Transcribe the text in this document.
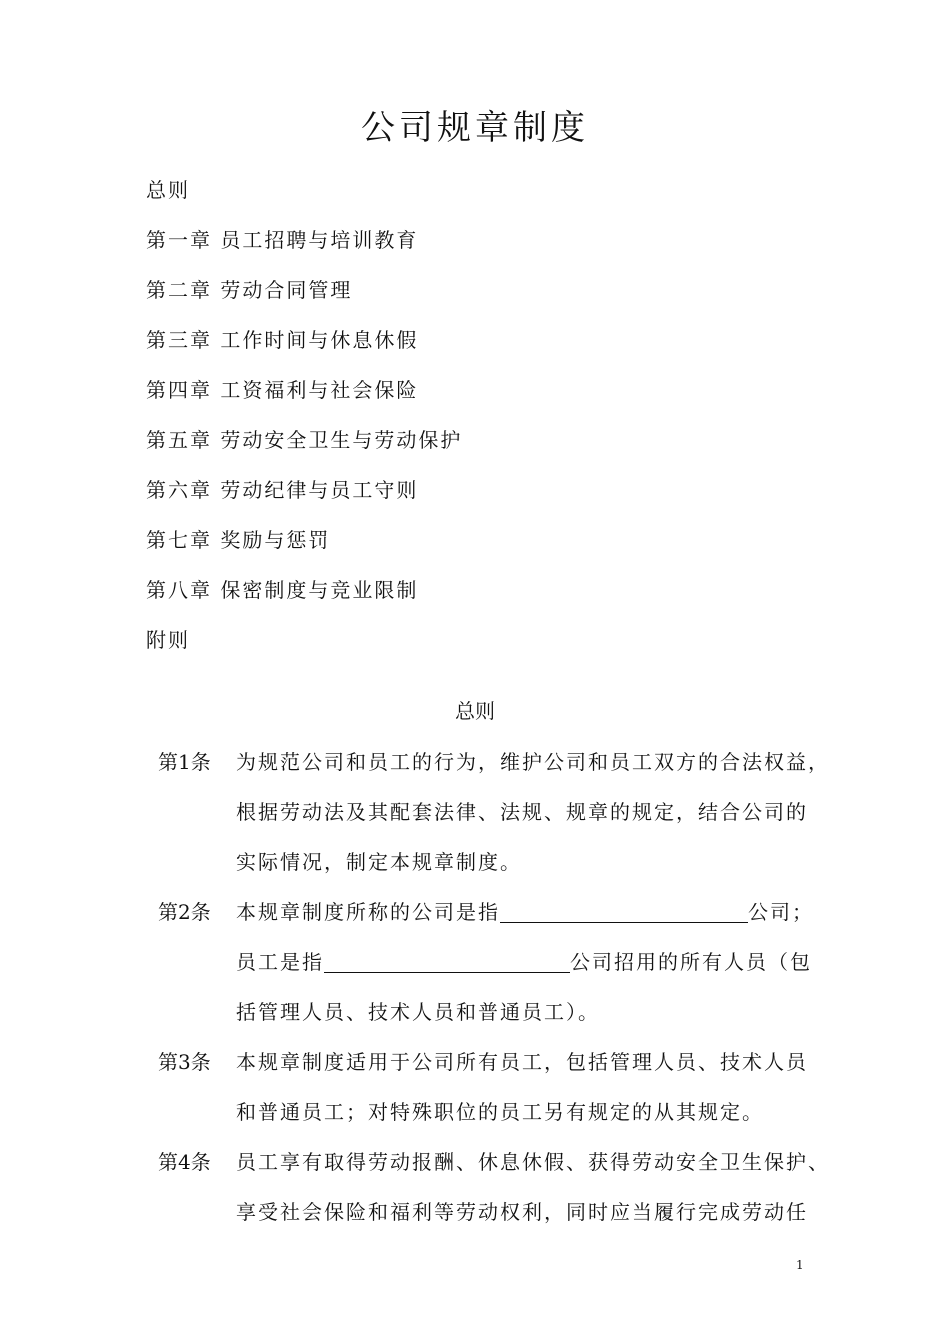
公司规章制度
总则
第一章 员工招聘与培训教育
第二章 劳动合同管理
第三章 工作时间与休息休假
第四章 工资福利与社会保险
第五章 劳动安全卫生与劳动保护
第六章 劳动纪律与员工守则
第七章 奖励与惩罚
第八章 保密制度与竞业限制
附则
总则
第1条 为规范公司和员工的行为，维护公司和员工双方的合法权益，
根据劳动法及其配套法律、法规、规章的规定，结合公司的
实际情况，制定本规章制度。
第2条 本规章制度所称的公司是指	公司；
员工是指	公司招用的所有人员（包
括管理人员、技术人员和普通员工）。
第3条 本规章制度适用于公司所有员工，包括管理人员、技术人员
和普通员工；对特殊职位的员工另有规定的从其规定。
第4条 员工享有取得劳动报酬、休息休假、获得劳动安全卫生保护、
享受社会保险和福利等劳动权利，同时应当履行完成劳动任
1
